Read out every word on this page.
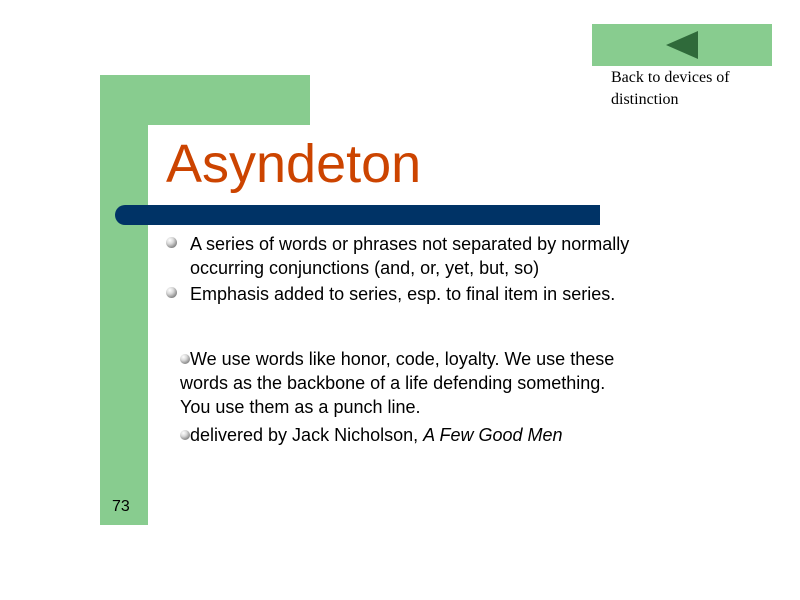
Asyndeton
Back to devices of distinction
A series of words or phrases not separated by normally occurring conjunctions (and, or, yet, but, so)
Emphasis added to series, esp. to final item in series.
We use words like honor, code, loyalty. We use these words as the backbone of a life defending something. You use them as a punch line.
delivered by Jack Nicholson, A Few Good Men
73
